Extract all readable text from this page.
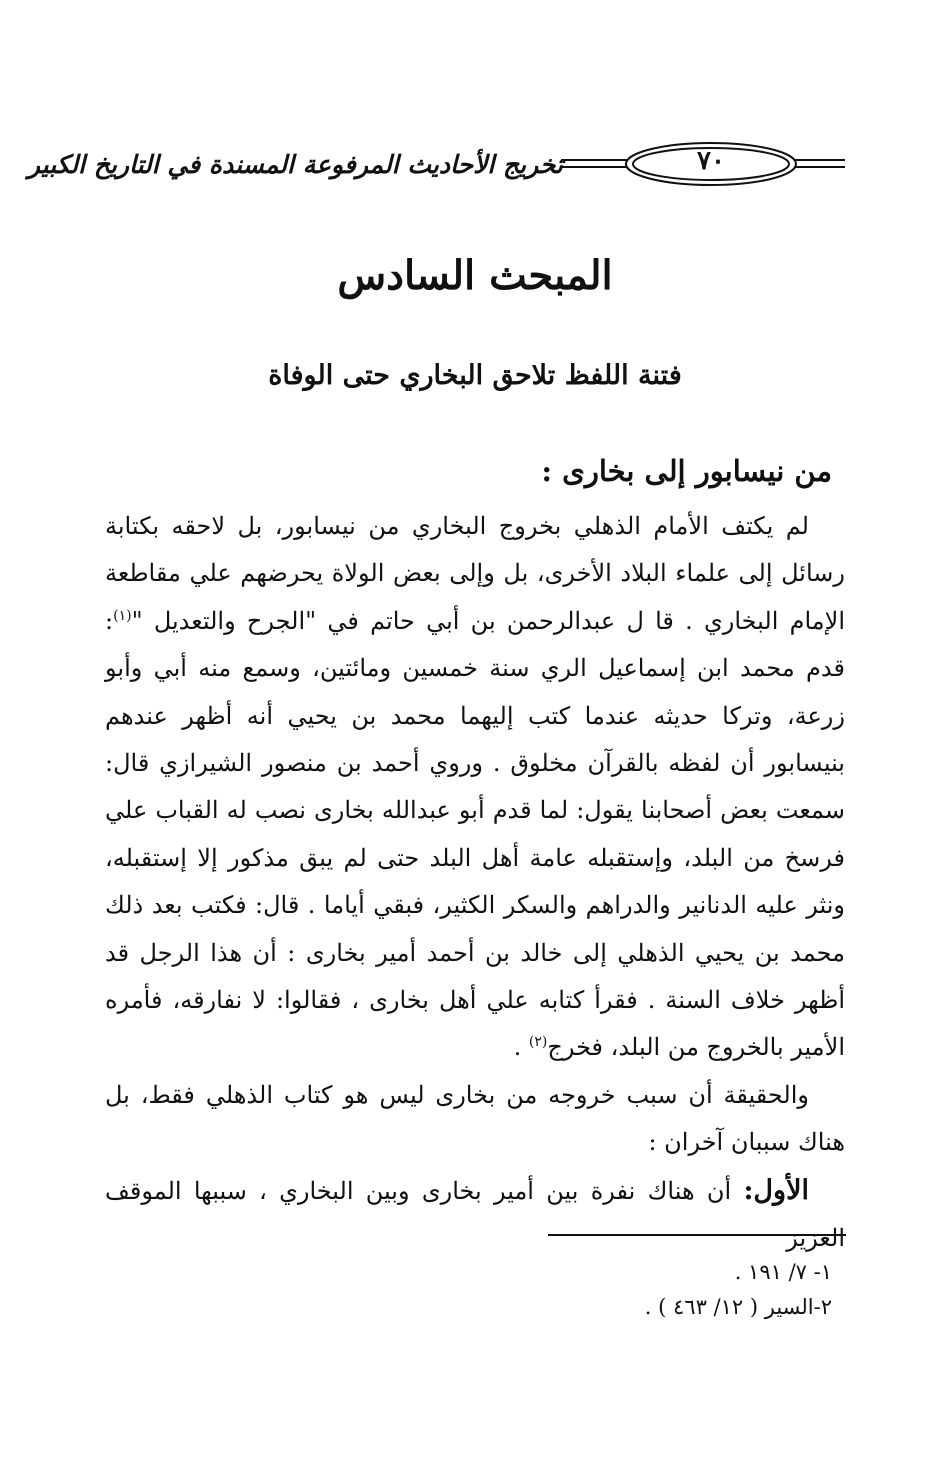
٧٠
تخريج الأحاديث المرفوعة المسندة في التاريخ الكبير
المبحث السادس
فتنة اللفظ تلاحق البخاري حتى الوفاة
من نيسابور إلى بخارى :

لم يكتف الأمام الذهلي بخروج البخاري من نيسابور، بل لاحقه بكتابة رسائل إلى علماء البلاد الأخرى، بل وإلى بعض الولاة يحرضهم علي مقاطعة الإمام البخاري . قا ل عبدالرحمن بن أبي حاتم في "الجرح والتعديل "$^{(١)}$: قدم محمد ابن إسماعيل الري سنة خمسين ومائتين، وسمع منه أبي وأبو زرعة، وتركا حديثه عندما كتب إليهما محمد بن يحيي أنه أظهر عندهم بنيسابور أن لفظه بالقرآن مخلوق . وروي أحمد بن منصور الشيرازي قال: سمعت بعض أصحابنا يقول: لما قدم أبو عبدالله بخارى نصب له القباب علي فرسخ من البلد، وإستقبله عامة أهل البلد حتى لم يبق مذكور إلا إستقبله، ونثر عليه الدنانير والدراهم والسكر الكثير، فبقي أياما . قال: فكتب بعد ذلك محمد بن يحيي الذهلي إلى خالد بن أحمد أمير بخارى : أن هذا الرجل قد أظهر خلاف السنة . فقرأ كتابه علي أهل بخارى ، فقالوا: لا نفارقه، فأمره الأمير بالخروج من البلد، فخرج$^{(٢)}$ .

والحقيقة أن سبب خروجه من بخارى ليس هو كتاب الذهلي فقط، بل هناك سببان آخران :

الأول: أن هناك نفرة بين أمير بخارى وبين البخاري ، سببها الموقف العزيز

١- ٧/ ١٩١ .
٢-السير ( ١٢/ ٤٦٣ ) .
